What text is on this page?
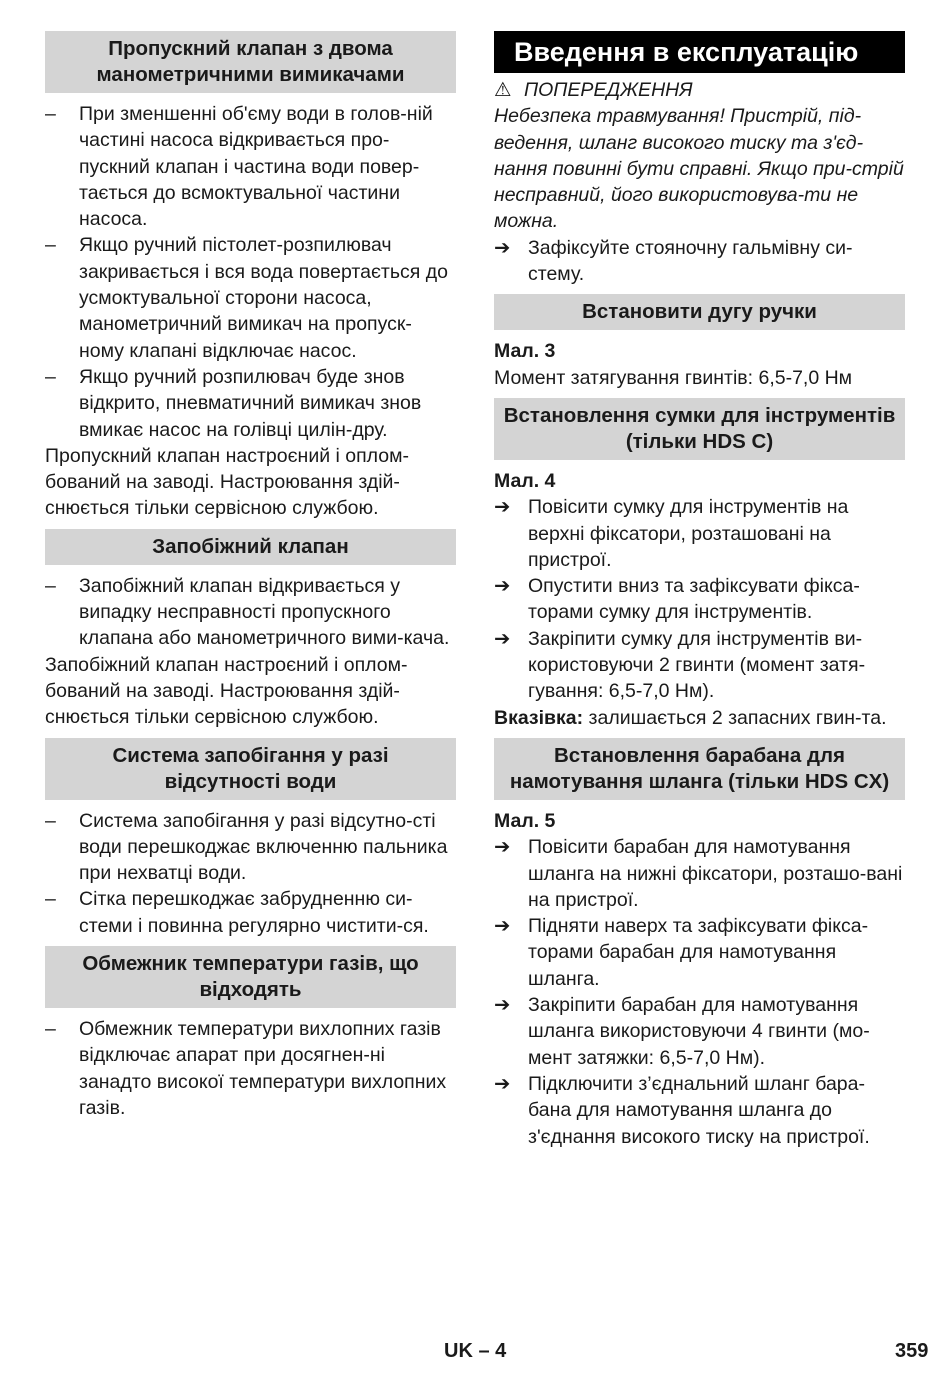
Пропускний клапан з двома манометричними вимикачами
–	При зменшенні об'єму води в голов-ній частині насоса відкривається про-пускний клапан і частина води повер-тається до всмоктувальної частини насоса.
–	Якщо ручний пістолет-розпилювач закривається і вся вода повертається до усмоктувальної сторони насоса, манометричний вимикач на пропуск-ному клапані відключає насос.
–	Якщо ручний розпилювач буде знов відкрито, пневматичний вимикач знов вмикає насос на голівці цилін-дру.

Пропускний клапан настроєний і оплом-бований на заводі. Настроювання здій-снюється тільки сервісною службою.

Запобіжний клапан
–	Запобіжний клапан відкривається у випадку несправності пропускного клапана або манометричного вими-кача.

Запобіжний клапан настроєний і оплом-бований на заводі. Настроювання здій-снюється тільки сервісною службою.

Система запобігання у разі відсутності води
–	Система запобігання у разі відсутно-сті води перешкоджає включенню пальника при нехватці води.
–	Сітка перешкоджає забрудненню си-стеми і повинна регулярно чистити-ся.
Обмежник температури газів, що відходять
–	Обмежник температури вихлопних газів відключає апарат при досягнен-ні занадто високої температури вихлопних газів.
Введення в експлуатацію
⚠ ПОПЕРЕДЖЕННЯ

Небезпека травмування! Пристрій, під-ведення, шланг високого тиску та з'єд-нання повинні бути справні. Якщо при-стрій несправний, його використовува-ти не можна.

➔ Зафіксуйте стояночну гальмівну си-стему.
Встановити дугу ручки

Мал. 3

Момент затягування гвинтів: 6,5-7,0 Нм

Встановлення сумки для інструментів (тільки HDS C)

Мал. 4

➔ Повісити сумку для інструментів на верхні фіксатори, розташовані на пристрої.
➔ Опустити вниз та зафіксувати фікса-торами сумку для інструментів.
➔ Закріпити сумку для інструментів ви-користовуючи 2 гвинти (момент затя-гування: 6,5-7,0 Нм).

Вказівка: залишається 2 запасних гвин-та.

Встановлення барабана для намотування шланга (тільки HDS CX)

Мал. 5

➔ Повісити барабан для намотування шланга на нижні фіксатори, розташо-вані на пристрої.
➔ Підняти наверх та зафіксувати фікса-торами барабан для намотування шланга.
➔ Закріпити барабан для намотування шланга використовуючи 4 гвинти (мо-мент затяжки: 6,5-7,0 Нм).
➔ Підключити з’єднальний шланг бара-бана для намотування шланга до з'єднання високого тиску на пристрої.
UK – 4	359
